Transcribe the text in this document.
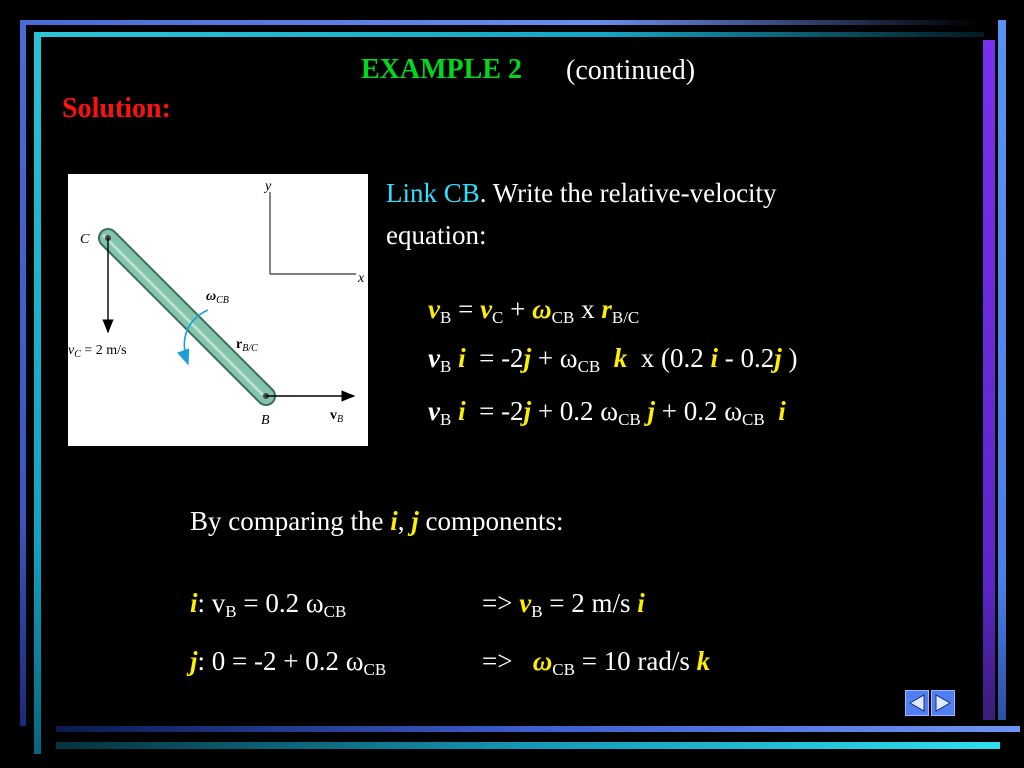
EXAMPLE 2 (continued)
Solution:
y
x
C
B
$v_C = 2$ m/s
$v_B$
$\omega_{CB}$
$r_{B/C}$
Link CB. Write the relative-velocity
equation:
$v_B = v_C + \omega_{CB}$ x $r_{B/C}$
$v_B$ $i = -2j + \omega_{CB}$ k x (0.2 i - 0.2j )
$v_B$ i = -2j + 0.2 $\omega_{CB}$ j + 0.2 $\omega_{CB}$ i
By comparing the i, j components:
i: $v_B = 0.2$ $\omega_{CB}$	=> $v_B = 2$ m/s i
j: 0 = -2 + 0.2 $\omega_{CB}$	=> $\omega_{CB} = 10$ rad/s k
